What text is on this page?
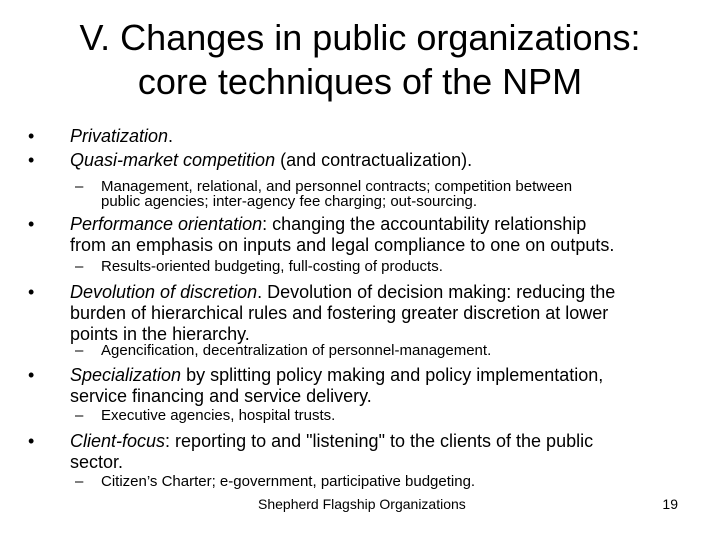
V. Changes in public organizations:
core techniques of the NPM
•	Privatization.
•	Quasi-market competition (and contractualization).
–	Management, relational, and personnel contracts; competition between
public agencies; inter-agency fee charging; out-sourcing.
•	Performance orientation: changing the accountability relationship
from an emphasis on inputs and legal compliance to one on outputs.
–	Results-oriented budgeting, full-costing of products.
•	Devolution of discretion. Devolution of decision making: reducing the
burden of hierarchical rules and fostering greater discretion at lower
points in the hierarchy.
–	Agencification, decentralization of personnel-management.
•	Specialization by splitting policy making and policy implementation,
service financing and service delivery.
–	Executive agencies, hospital trusts.
•	Client-focus: reporting to and "listening" to the clients of the public
sector.
–	Citizen’s Charter; e-government, participative budgeting.
Shepherd Flagship Organizations	19
